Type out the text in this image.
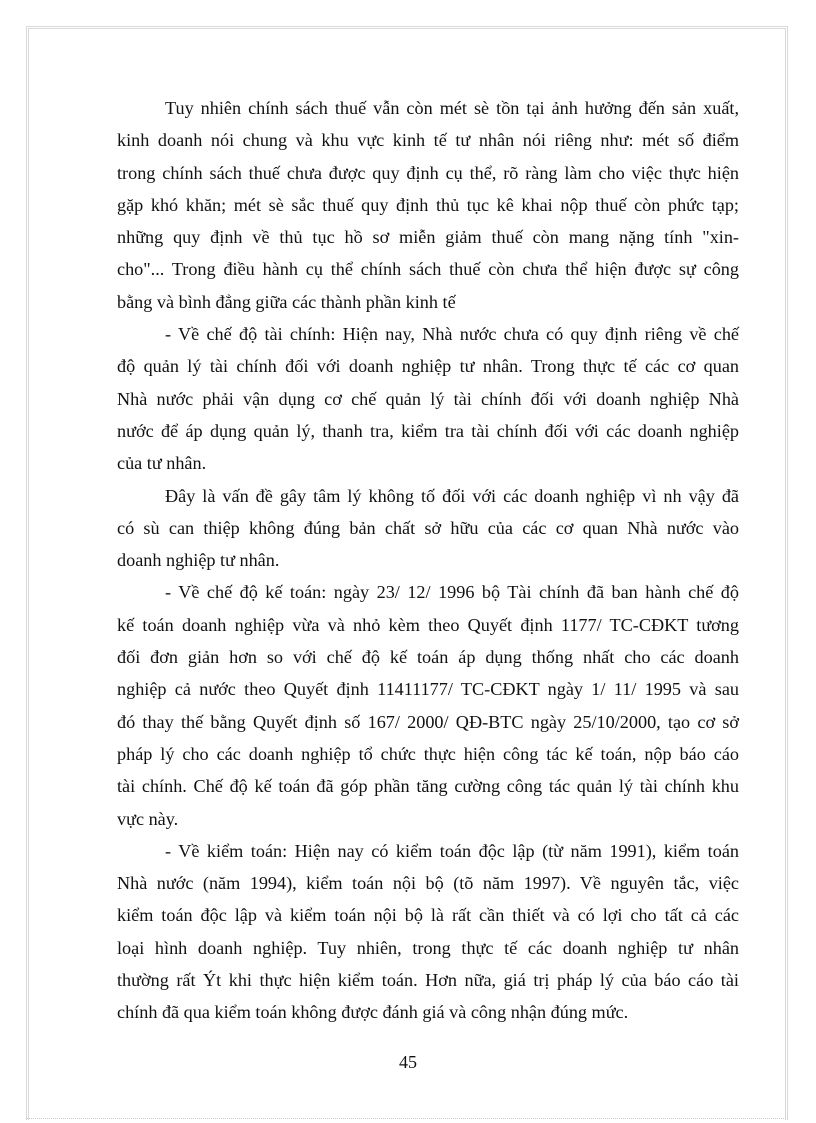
Tuy nhiên chính sách thuế vẫn còn mét sè tồn tại ảnh hưởng đến sản xuất,
kinh doanh nói chung và khu vực kinh tế tư nhân nói riêng như: mét số điểm
trong chính sách thuế chưa được quy định cụ thể, rõ ràng làm cho việc thực hiện
gặp khó khăn; mét sè sắc thuế quy định thủ tục kê khai nộp thuế còn phức tạp;
những quy định về thủ tục hồ sơ miễn giảm thuế còn mang nặng tính "xin-
cho"... Trong điều hành cụ thể chính sách thuế còn chưa thể hiện được sự công
bằng và bình đẳng giữa các thành phần kinh tế
- Về chế độ tài chính: Hiện nay, Nhà nước chưa có quy định riêng về chế
độ quản lý tài chính đối với doanh nghiệp tư nhân. Trong thực tế các cơ quan
Nhà nước phải vận dụng cơ chế quản lý tài chính đối với doanh nghiệp Nhà
nước để áp dụng quản lý, thanh tra, kiểm tra tài chính đối với các doanh nghiệp
của tư nhân.
Đây là vấn đề gây tâm lý không tố đối với các doanh nghiệp vì nh vậy đã
có sù can thiệp không đúng bản chất sở hữu của các cơ quan Nhà nước vào
doanh nghiệp tư nhân.
- Về chế độ kế toán: ngày 23/ 12/ 1996 bộ Tài chính đã ban hành chế độ
kế toán doanh nghiệp vừa và nhỏ kèm theo Quyết định 1177/ TC-CĐKT tương
đối đơn giản hơn so với chế độ kế toán áp dụng thống nhất cho các doanh
nghiệp cả nước theo Quyết định 11411177/ TC-CĐKT ngày 1/ 11/ 1995 và sau
đó thay thế bằng Quyết định số 167/ 2000/ QĐ-BTC ngày 25/10/2000, tạo cơ sở
pháp lý cho các doanh nghiệp tổ chức thực hiện công tác kế toán, nộp báo cáo
tài chính. Chế độ kế toán đã góp phần tăng cường công tác quản lý tài chính khu
vực này.
- Về kiểm toán: Hiện nay có kiểm toán độc lập (từ năm 1991), kiểm toán
Nhà nước (năm 1994), kiểm toán nội bộ (tõ năm 1997). Về nguyên tắc, việc
kiểm toán độc lập và kiểm toán nội bộ là rất cần thiết và có lợi cho tất cả các
loại hình doanh nghiệp. Tuy nhiên, trong thực tế các doanh nghiệp tư nhân
thường rất Ýt khi thực hiện kiểm toán. Hơn nữa, giá trị pháp lý của báo cáo tài
chính đã qua kiểm toán không được đánh giá và công nhận đúng mức.
45
